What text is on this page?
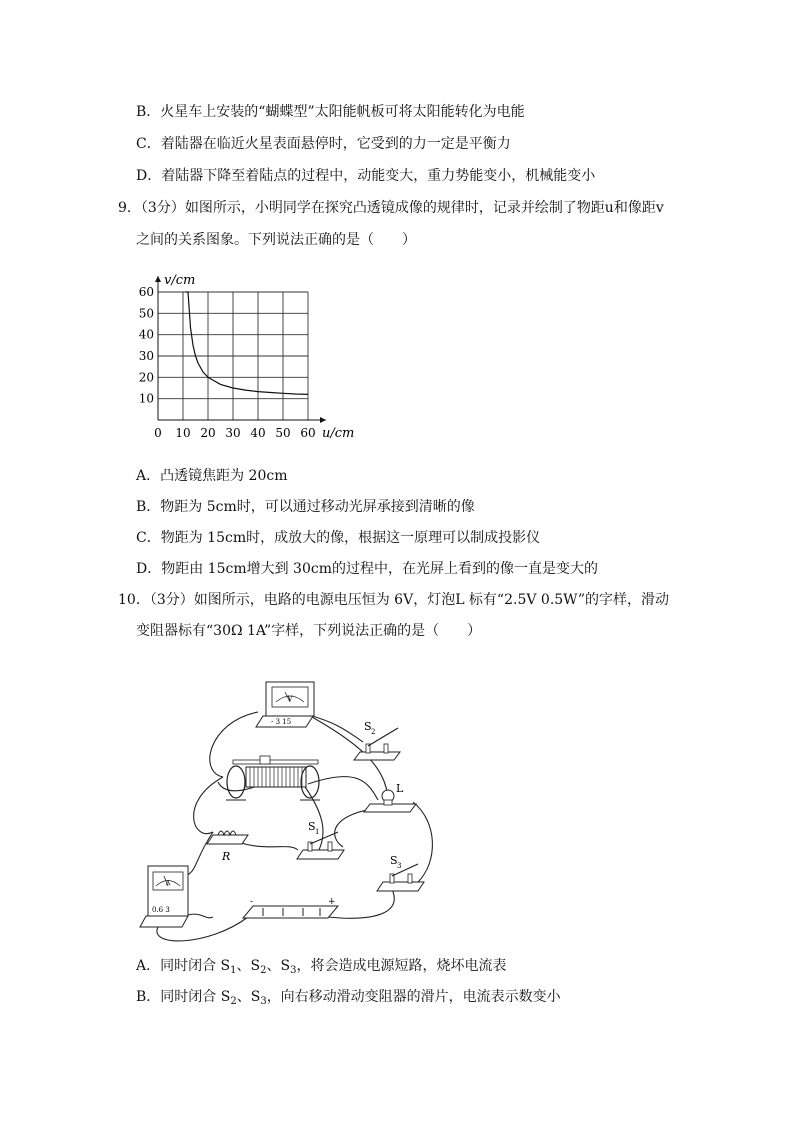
B．火星车上安装的“蝴蝶型”太阳能帆板可将太阳能转化为电能
C．着陆器在临近火星表面悬停时，它受到的力一定是平衡力
D．着陆器下降至着陆点的过程中，动能变大，重力势能变小，机械能变小
9．（3分）如图所示，小明同学在探究凸透镜成像的规律时，记录并绘制了物距u和像距v
之间的关系图象。下列说法正确的是（　　）
0 10 20 30 40 50 60
10
20
30
40
50
60
v/cm
u/cm
A．凸透镜焦距为 20cm
B．物距为 5cm时，可以通过移动光屏承接到清晰的像
C．物距为 15cm时，成放大的像，根据这一原理可以制成投影仪
D．物距由 15cm增大到 30cm的过程中，在光屏上看到的像一直是变大的
10．（3分）如图所示，电路的电源电压恒为 6V，灯泡L 标有“2.5V 0.5W”的字样，滑动
变阻器标有“30Ω 1A”字样，下列说法正确的是（　　）
V
- 3 15	S 2
L
R
S 1
S 3
A
0.6 3
-	+
A．同时闭合 $S_1$、$S_2$、$S_3$，将会造成电源短路，烧坏电流表
B．同时闭合 $S_2$、$S_3$，向右移动滑动变阻器的滑片，电流表示数变小
